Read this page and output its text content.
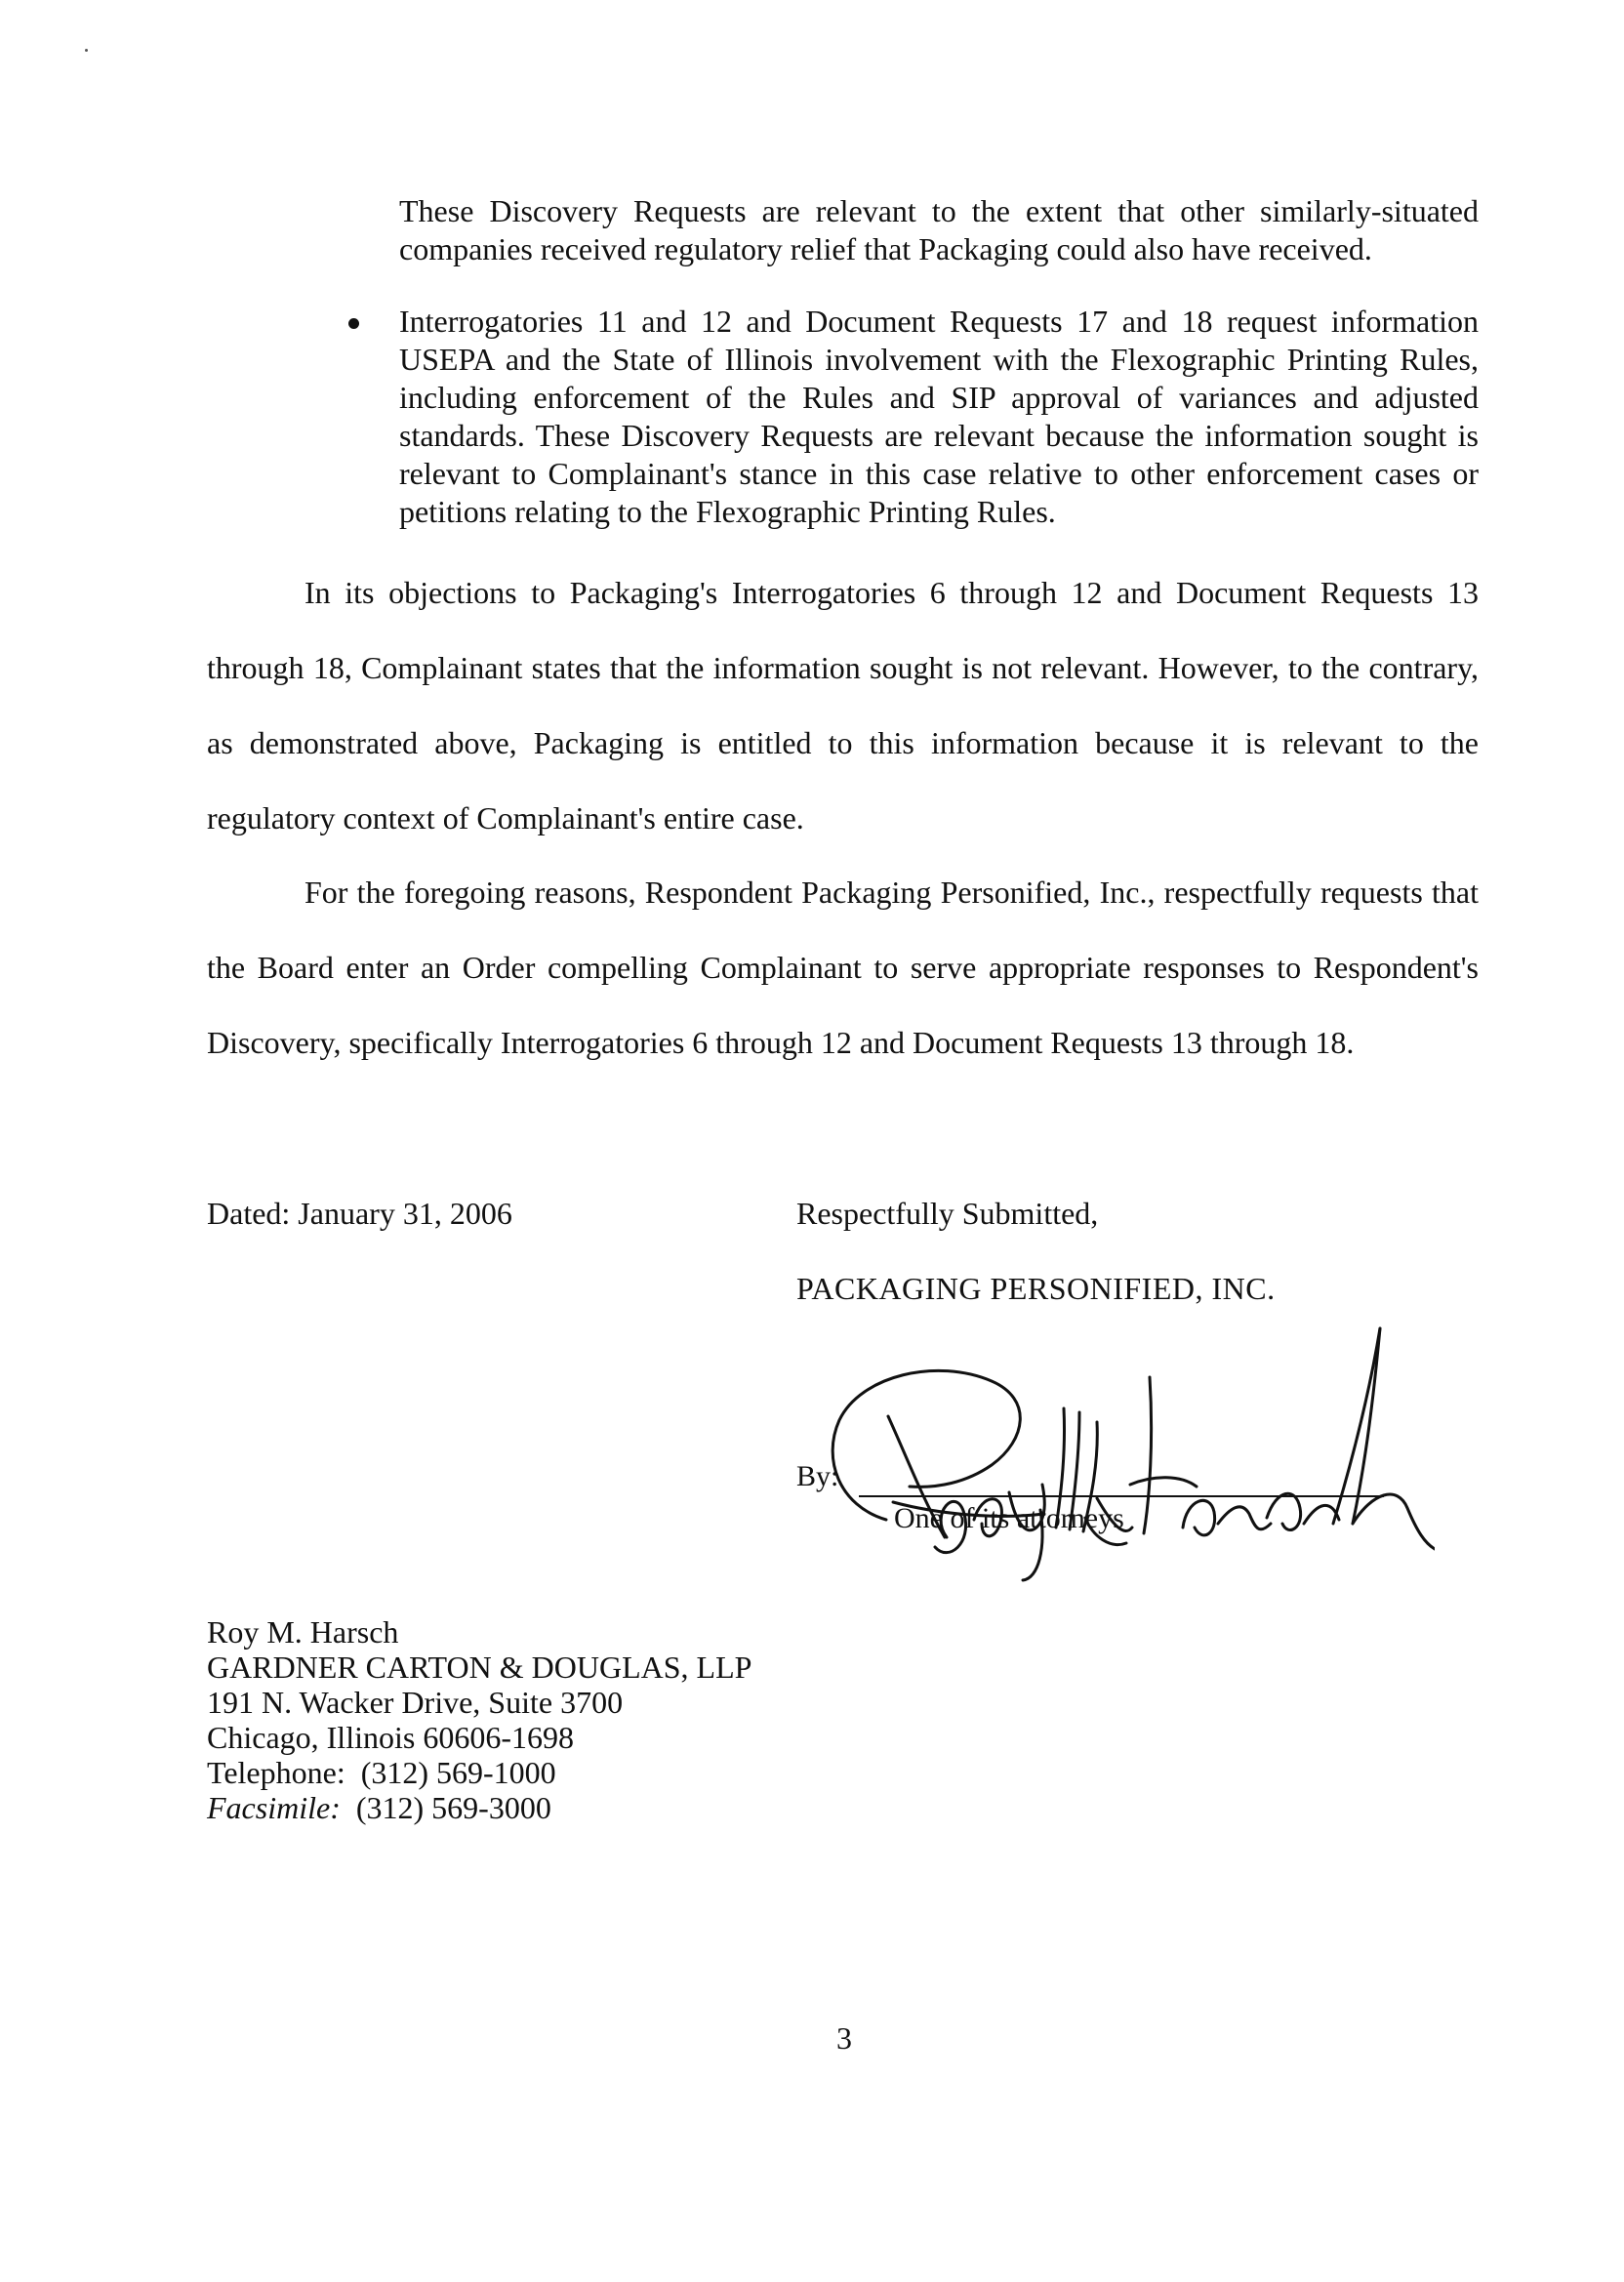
These Discovery Requests are relevant to the extent that other similarly-situated companies received regulatory relief that Packaging could also have received.

Interrogatories 11 and 12 and Document Requests 17 and 18 request information USEPA and the State of Illinois involvement with the Flexographic Printing Rules, including enforcement of the Rules and SIP approval of variances and adjusted standards. These Discovery Requests are relevant because the information sought is relevant to Complainant's stance in this case relative to other enforcement cases or petitions relating to the Flexographic Printing Rules.

In its objections to Packaging's Interrogatories 6 through 12 and Document Requests 13 through 18, Complainant states that the information sought is not relevant. However, to the contrary, as demonstrated above, Packaging is entitled to this information because it is relevant to the regulatory context of Complainant's entire case.

For the foregoing reasons, Respondent Packaging Personified, Inc., respectfully requests that the Board enter an Order compelling Complainant to serve appropriate responses to Respondent's Discovery, specifically Interrogatories 6 through 12 and Document Requests 13 through 18.

Dated: January 31, 2006	Respectfully Submitted,
PACKAGING PERSONIFIED, INC.
By:
One of its attorneys
Roy M. Harsch
GARDNER CARTON & DOUGLAS, LLP
191 N. Wacker Drive, Suite 3700
Chicago, Illinois 60606-1698
Telephone: (312) 569-1000
Facsimile: (312) 569-3000
3
